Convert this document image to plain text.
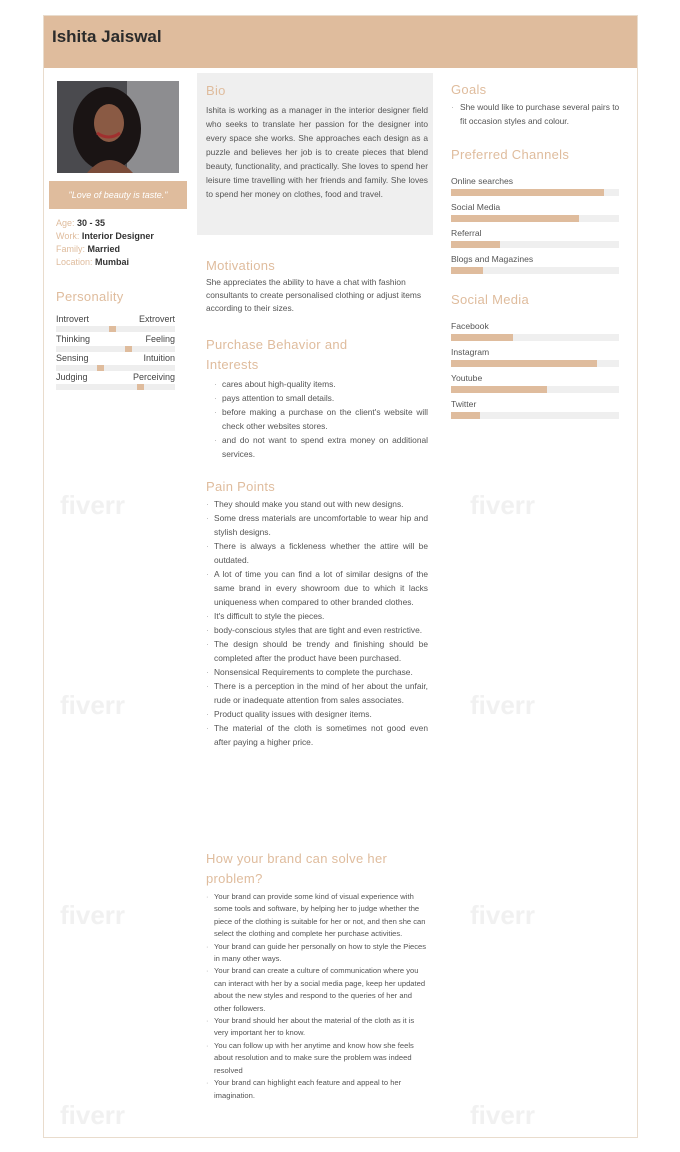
Ishita Jaiswal
"Love of beauty is taste."
Age: 30 - 35
Work: Interior Designer
Family: Married
Location: Mumbai
Personality
Introvert	Extrovert
Thinking	Feeling
Sensing	Intuition
Judging	Perceiving
Bio

Ishita is working as a manager in the interior designer field who seeks to translate her passion for the designer into every space she works. She approaches each design as a puzzle and believes her job is to create pieces that blend beauty, functionality, and practically. She loves to spend her leisure time travelling with her friends and family. She loves to spend her money on clothes, food and travel.

Motivations

She appreciates the ability to have a chat with fashion consultants to create personalised clothing or adjust items according to their sizes.

Purchase Behavior and
Interests
· cares about high-quality items.
· pays attention to small details.
· before making a purchase on the client's website will check other websites stores.
· and do not want to spend extra money on additional services.
Pain Points
· They should make you stand out with new designs.
· Some dress materials are uncomfortable to wear hip and stylish designs.
· There is always a fickleness whether the attire will be outdated.
· A lot of time you can find a lot of similar designs of the same brand in every showroom due to which it lacks uniqueness when compared to other branded clothes.
· It's difficult to style the pieces.
· body-conscious styles that are tight and even restrictive.
· The design should be trendy and finishing should be completed after the product have been purchased.
· Nonsensical Requirements to complete the purchase.
· There is a perception in the mind of her about the unfair, rude or inadequate attention from sales associates.
· Product quality issues with designer items.
· The material of the cloth is sometimes not good even after paying a higher price.
How your brand can solve her
problem?
· Your brand can provide some kind of visual experience with some tools and software, by helping her to judge whether the piece of the clothing is suitable for her or not, and then she can select the clothing and complete her purchase activities.
· Your brand can guide her personally on how to style the Pieces in many other ways.
· Your brand can create a culture of communication where you can interact with her by a social media page, keep her updated about the new styles and respond to the queries of her and other followers.
· Your brand should her about the material of the cloth as it is very important her to know.
· You can follow up with her anytime and know how she feels about resolution and to make sure the problem was indeed resolved
· Your brand can highlight each feature and appeal to her imagination.
Goals
· She would like to purchase several pairs to fit occasion styles and colour.
Preferred Channels
Online searches
Social Media
Referral
Blogs and Magazines
Social Media
Facebook
Instagram
Youtube
Twitter
fiverr	fiverr
fiverr	fiverr
fiverr	fiverr
fiverr	fiverr
